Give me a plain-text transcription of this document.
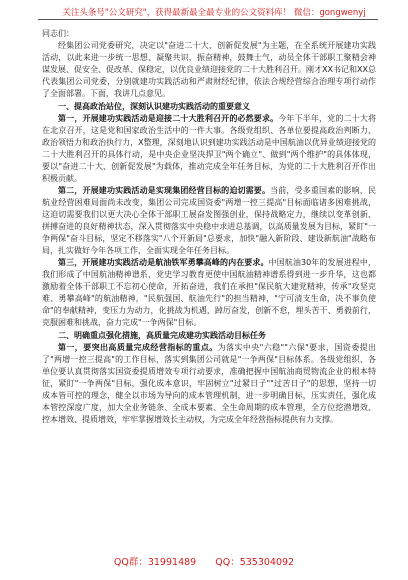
关注头条号"公文研究"，获得最新最全最专业的公文资料库！ 微信：gongwenyj

同志们：

经集团公司党委研究，决定以"奋进二十大，创新促发展"为主题，在全系统开展建功实践活动，以此来进一步统一思想、凝聚共识，振奋精神，鼓舞士气，动员全体干部职工聚精会神谋发展、促安全、促改革、保稳定，以优良业绩迎接党的二十大胜利召开。刚才XX书记和XX总代表集团公司党委，分别就建功实践活动和严肃财经纪律，依法合规经营综合治理专项行动作了全面部署。下面，我讲几点意见。

一、提高政治站位，深刻认识建功实践活动的重要意义

第一，开展建功实践活动是迎接二十大胜利召开的必然要求。今年下半年，党的二十大将在北京召开，这是党和国家政治生活中的一件大事。各级党组织、各单位要提高政治判断力、政治领悟力和政治执行力，X整理，深刻地认识到建功实践活动是中国航油以优异业绩迎接党的二十大胜利召开的具体行动，是中央企业坚决捍卫"两个确立"、做到"两个维护"的具体体现，要以"奋进二十大、创新促发展"为载体，推动完成全年任务目标，为党的二十大胜利召开作出积极贡献。

第二，开展建功实践活动是实现集团经营目标的迫切需要。当前，受多重国素的影响，民航业经营困难局面尚未改变，集团公司完成国资委"两增一控三提高"目标面临诸多困难挑战，这迫切需要我们以更大决心全体干部职工展奋发图强创业，保持战略定力，继续以变革创新、拼搏奋进的良好精神状态，深入贯彻落实中央稳中求进总基调，以高质量发展为目标，紧盯"一争两保"奋斗目标，坚定不移落实"八个开新局"总要求，加快"融入新阶段、建设新航油"战略布局，扎实做好今年各项工作，全面实现全年任务目标。

第三，开展建功实践活动是航油铁军勇攀高峰的内在要求。中国航油30年的发展进程中，我们形成了中国航油精神谱系，党史学习教育更使中国航油精神谱系得到进一步升华，这也都激励着全体干部职工不忘初心使命，开拓奋进，我们在承担"保民航大建党精神，传承"攻坚克难、勇攀高峰"的航油精神，"民航强国、航油先行"的担当精神，"宁可清支生命，决不事负使命"的奉献精神，变压力为动力，化挑战为机遇，踔厉奋发，创新不怠，埋头苦干、勇毅前行，克服困难和挑战，奋力完成"一争两保"目标。

二、明确重点强化措施，高质量完成建功实践活动目标任务

第一，要突出高质量完成经营指标的重点。为落实中央"六稳""六保"要求，国资委提出了"两增一控三提高"的工作目标，落实到集团公司就是"一争两保"目标体系。各级党组织、各单位要认真贯彻落实国资委提质增效专项行动要求，准确把握中国航油商贸物流企业的根本特征，紧盯"一争两保"目标，强化成本意识，牢固树立"过紧日子""过苦日子"的思想，坚持一切成本皆可控的理念，健全以市场为导向的成本管理机制，进一步明确目标，压实责任，强化成本管控深度广度，加大全业务链条、全成本要素、全生命周期的成本管理，全方位挖潜增效、控本增效、提质增效，牢牢掌握增效长主动权，为完成全年经营指标提供有力支撑。

QQ群：31991489 QQ：535304092
